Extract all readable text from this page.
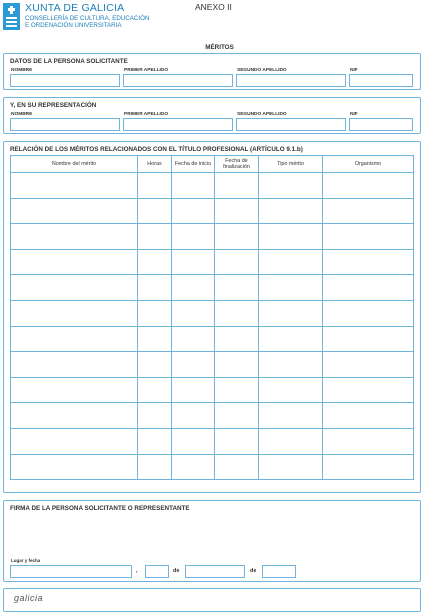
XUNTA DE GALICIA
CONSELLERÍA DE CULTURA, EDUCACIÓN
E ORDENACIÓN UNIVERSITARIA
ANEXO II
MÉRITOS
DATOS DE LA PERSONA SOLICITANTE
NOMBRE	PRIMER APELLIDO	SEGUNDO APELLIDO	NIF
Y, EN SU REPRESENTACIÓN
NOMBRE	PRIMER APELLIDO	SEGUNDO APELLIDO	NIF
RELACIÓN DE LOS MÉRITOS RELACIONADOS CON EL TÍTULO PROFESIONAL (ARTÍCULO 9.1.b)
Nombre del mérito	Horas	Fecha de inicio	Fecha de finalización	Tipo mérito	Organismo

FIRMA DE LA PERSONA SOLICITANTE O REPRESENTANTE
Lugar y fecha
,	de	de
galicia
